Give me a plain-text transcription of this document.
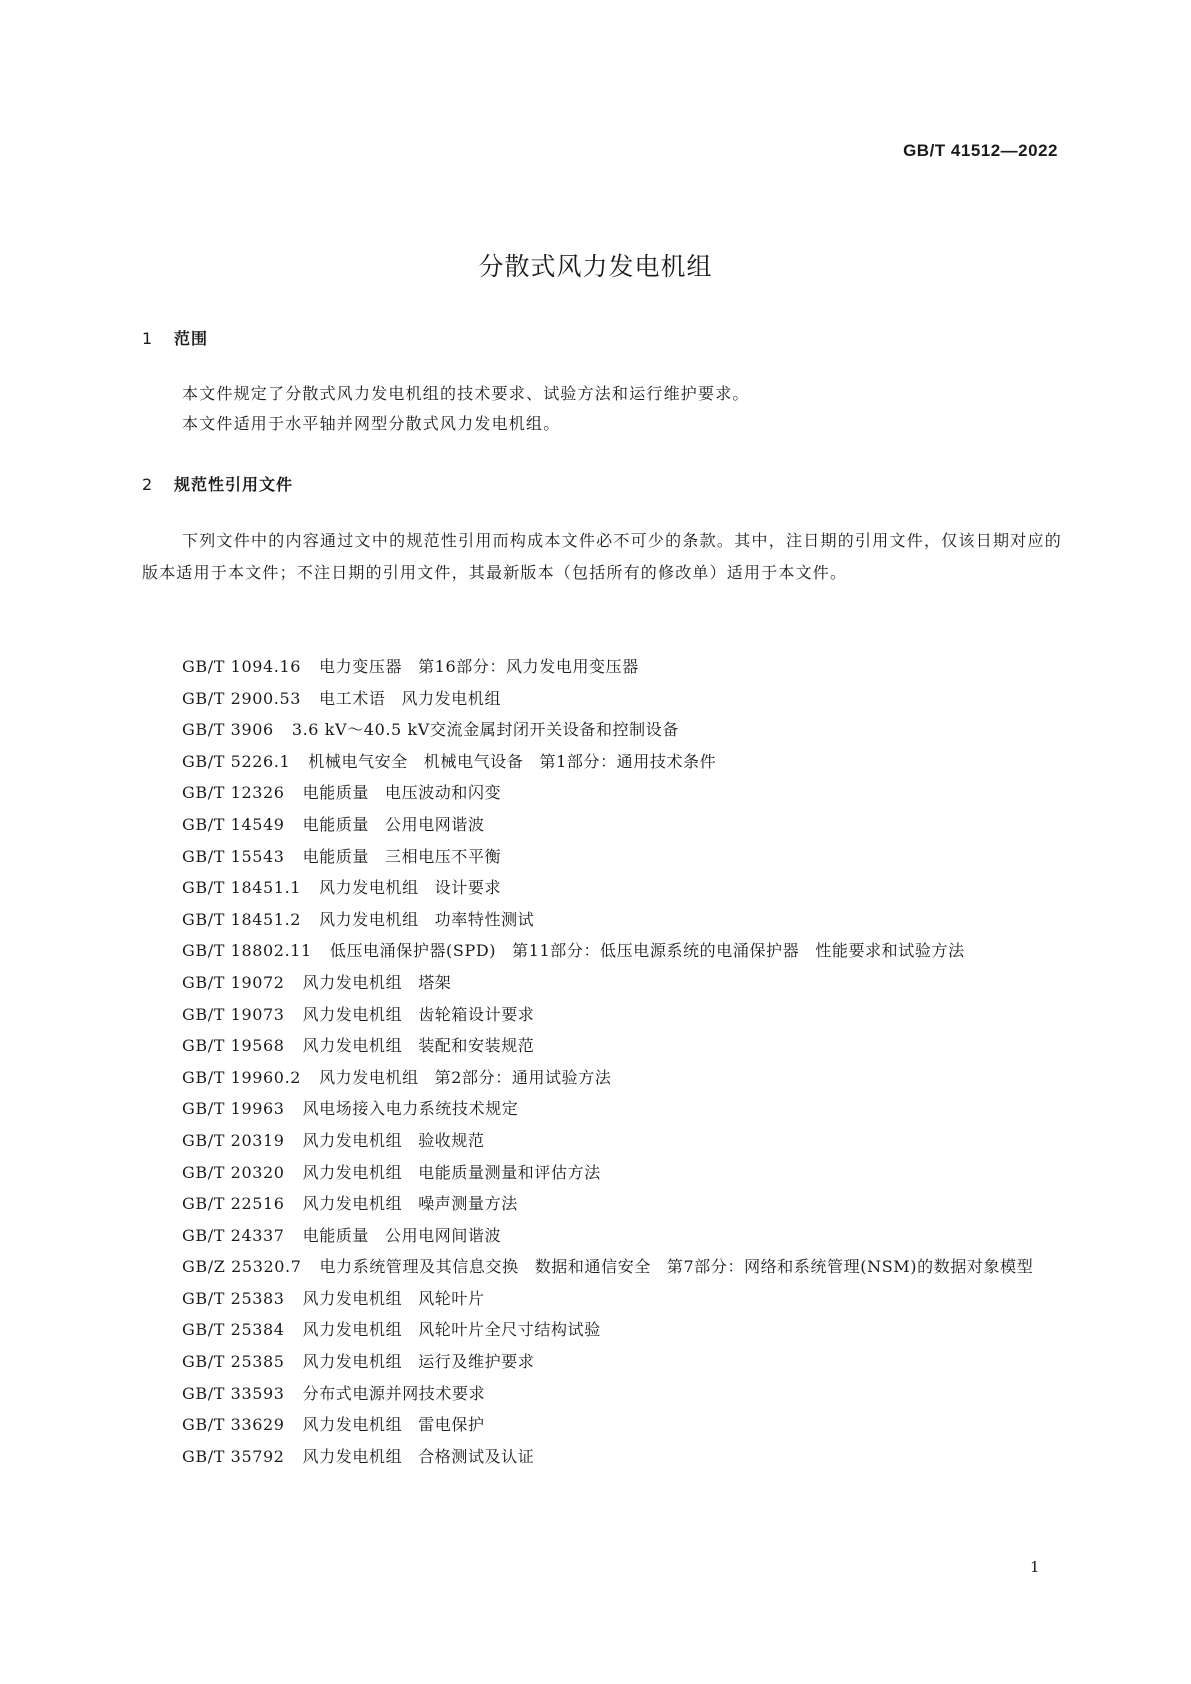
GB/T 41512—2022
分散式风力发电机组
1 范围
本文件规定了分散式风力发电机组的技术要求、试验方法和运行维护要求。
本文件适用于水平轴并网型分散式风力发电机组。
2 规范性引用文件
下列文件中的内容通过文中的规范性引用而构成本文件必不可少的条款。其中，注日期的引用文件，仅该日期对应的版本适用于本文件；不注日期的引用文件，其最新版本（包括所有的修改单）适用于本文件。
GB/T 1094.16 电力变压器 第16部分：风力发电用变压器
GB/T 2900.53 电工术语 风力发电机组
GB/T 3906 3.6 kV～40.5 kV交流金属封闭开关设备和控制设备
GB/T 5226.1 机械电气安全 机械电气设备 第1部分：通用技术条件
GB/T 12326 电能质量 电压波动和闪变
GB/T 14549 电能质量 公用电网谐波
GB/T 15543 电能质量 三相电压不平衡
GB/T 18451.1 风力发电机组 设计要求
GB/T 18451.2 风力发电机组 功率特性测试
GB/T 18802.11 低压电涌保护器(SPD) 第11部分：低压电源系统的电涌保护器 性能要求和试验方法
GB/T 19072 风力发电机组 塔架
GB/T 19073 风力发电机组 齿轮箱设计要求
GB/T 19568 风力发电机组 装配和安装规范
GB/T 19960.2 风力发电机组 第2部分：通用试验方法
GB/T 19963 风电场接入电力系统技术规定
GB/T 20319 风力发电机组 验收规范
GB/T 20320 风力发电机组 电能质量测量和评估方法
GB/T 22516 风力发电机组 噪声测量方法
GB/T 24337 电能质量 公用电网间谐波
GB/Z 25320.7 电力系统管理及其信息交换 数据和通信安全 第7部分：网络和系统管理(NSM)的数据对象模型
GB/T 25383 风力发电机组 风轮叶片
GB/T 25384 风力发电机组 风轮叶片全尺寸结构试验
GB/T 25385 风力发电机组 运行及维护要求
GB/T 33593 分布式电源并网技术要求
GB/T 33629 风力发电机组 雷电保护
GB/T 35792 风力发电机组 合格测试及认证
1
